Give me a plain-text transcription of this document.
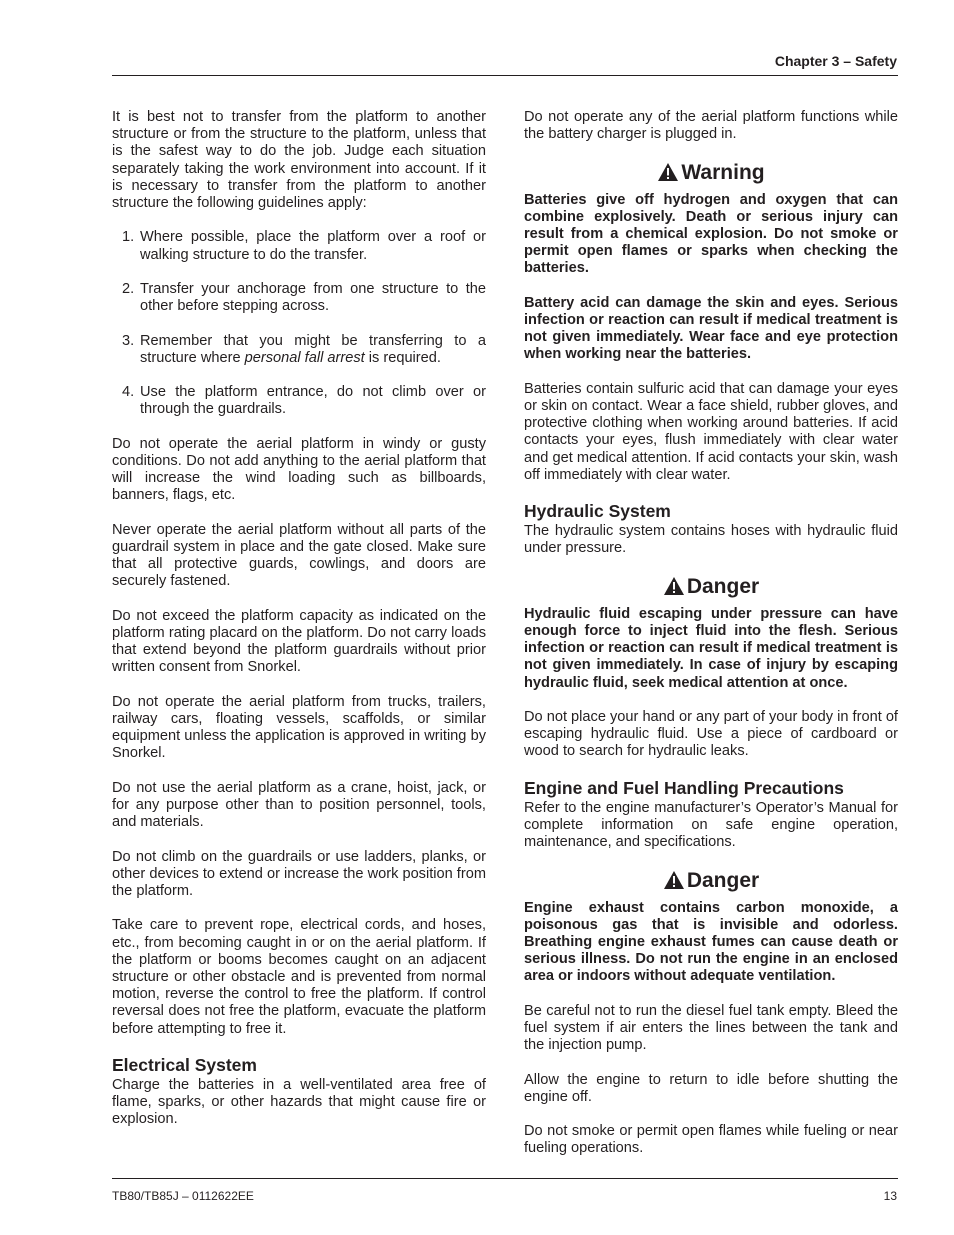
Chapter 3 – Safety

It is best not to transfer from the platform to another structure or from the structure to the platform, unless that is the safest way to do the job. Judge each situation separately taking the work environment into account. If it is necessary to transfer from the platform to another structure the following guidelines apply:

1. Where possible, place the platform over a roof or walking structure to do the transfer.
2. Transfer your anchorage from one structure to the other before stepping across.
3. Remember that you might be transferring to a structure where personal fall arrest is required.
4. Use the platform entrance, do not climb over or through the guardrails.

Do not operate the aerial platform in windy or gusty conditions. Do not add anything to the aerial platform that will increase the wind loading such as billboards, banners, flags, etc.

Never operate the aerial platform without all parts of the guardrail system in place and the gate closed. Make sure that all protective guards, cowlings, and doors are securely fastened.

Do not exceed the platform capacity as indicated on the platform rating placard on the platform. Do not carry loads that extend beyond the platform guardrails without prior written consent from Snorkel.

Do not operate the aerial platform from trucks, trailers, railway cars, floating vessels, scaffolds, or similar equipment unless the application is approved in writing by Snorkel.

Do not use the aerial platform as a crane, hoist, jack, or for any purpose other than to position personnel, tools, and materials.

Do not climb on the guardrails or use ladders, planks, or other devices to extend or increase the work position from the platform.

Take care to prevent rope, electrical cords, and hoses, etc., from becoming caught in or on the aerial platform. If the platform or booms becomes caught on an adjacent structure or other obstacle and is prevented from normal motion, reverse the control to free the platform. If control reversal does not free the platform, evacuate the platform before attempting to free it.

Electrical System

Charge the batteries in a well-ventilated area free of flame, sparks, or other hazards that might cause fire or explosion.

Do not operate any of the aerial platform functions while the battery charger is plugged in.

Warning

Batteries give off hydrogen and oxygen that can combine explosively. Death or serious injury can result from a chemical explosion. Do not smoke or permit open flames or sparks when checking the batteries.

Battery acid can damage the skin and eyes. Serious infection or reaction can result if medical treatment is not given immediately. Wear face and eye protection when working near the batteries.

Batteries contain sulfuric acid that can damage your eyes or skin on contact. Wear a face shield, rubber gloves, and protective clothing when working around batteries. If acid contacts your eyes, flush immediately with clear water and get medical attention. If acid contacts your skin, wash off immediately with clear water.

Hydraulic System

The hydraulic system contains hoses with hydraulic fluid under pressure.

Danger

Hydraulic fluid escaping under pressure can have enough force to inject fluid into the flesh. Serious infection or reaction can result if medical treatment is not given immediately. In case of injury by escaping hydraulic fluid, seek medical attention at once.

Do not place your hand or any part of your body in front of escaping hydraulic fluid. Use a piece of cardboard or wood to search for hydraulic leaks.

Engine and Fuel Handling Precautions

Refer to the engine manufacturer’s Operator’s Manual for complete information on safe engine operation, maintenance, and specifications.

Danger

Engine exhaust contains carbon monoxide, a poisonous gas that is invisible and odorless. Breathing engine exhaust fumes can cause death or serious illness. Do not run the engine in an enclosed area or indoors without adequate ventilation.

Be careful not to run the diesel fuel tank empty. Bleed the fuel system if air enters the lines between the tank and the injection pump.

Allow the engine to return to idle before shutting the engine off.

Do not smoke or permit open flames while fueling or near fueling operations.

TB80/TB85J – 0112622EE	13
